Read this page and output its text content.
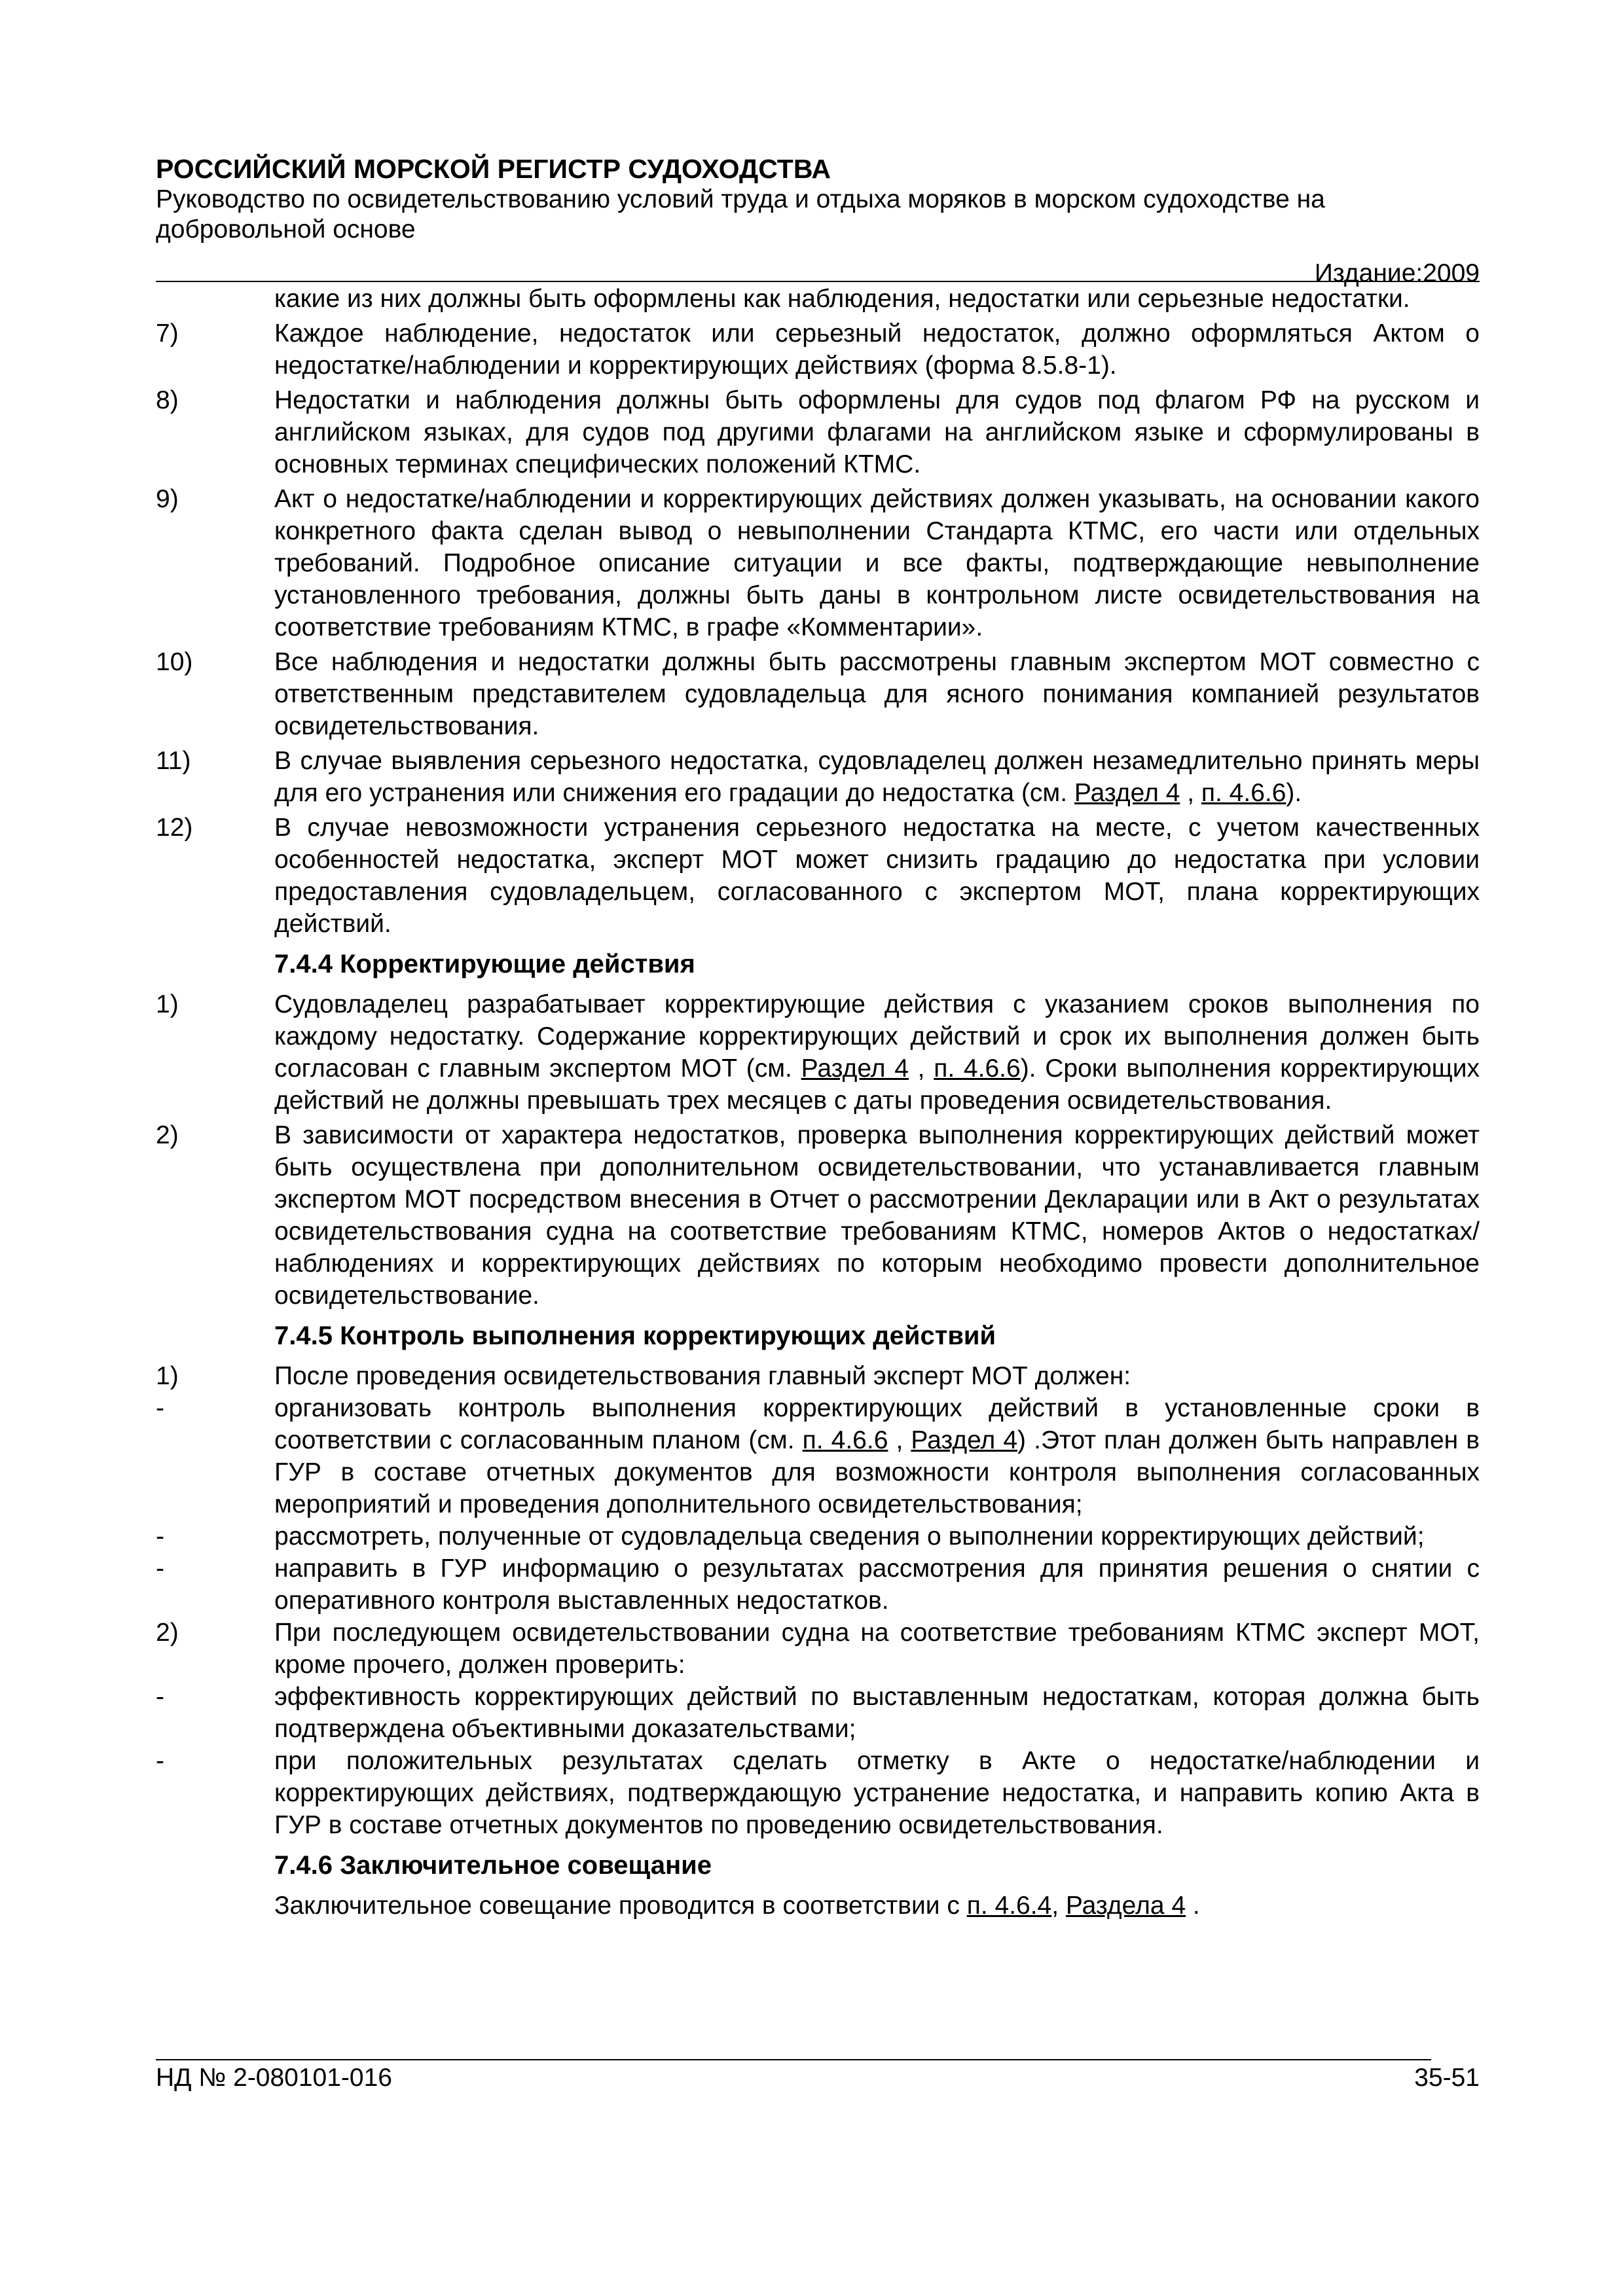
РОССИЙСКИЙ МОРСКОЙ РЕГИСТР СУДОХОДСТВА

Руководство по освидетельствованию условий труда и отдыха моряков в морском судоходстве на добровольной основе

Издание:2009
какие из них должны быть оформлены как наблюдения, недостатки или серьезные недостатки.
7)	Каждое наблюдение, недостаток или серьезный недостаток, должно оформляться Актом о недостатке/наблюдении и корректирующих действиях (форма 8.5.8-1).
8)	Недостатки и наблюдения должны быть оформлены для судов под флагом РФ на русском и английском языках, для судов под другими флагами на английском языке и сформулированы в основных терминах специфических положений КТМС.
9)	Акт о недостатке/наблюдении и корректирующих действиях должен указывать, на основании какого конкретного факта сделан вывод о невыполнении Стандарта КТМС, его части или отдельных требований. Подробное описание ситуации и все факты, подтверждающие невыполнение установленного требования, должны быть даны в контрольном листе освидетельствования на соответствие требованиям КТМС, в графе «Комментарии».
10)	Все наблюдения и недостатки должны быть рассмотрены главным экспертом МОТ совместно с ответственным представителем судовладельца для ясного понимания компанией результатов освидетельствования.
11)	В случае выявления серьезного недостатка, судовладелец должен незамедлительно принять меры для его устранения или снижения его градации до недостатка (см. Раздел 4 , п. 4.6.6).
12)	В случае невозможности устранения серьезного недостатка на месте, с учетом качественных особенностей недостатка, эксперт МОТ может снизить градацию до недостатка при условии предоставления судовладельцем, согласованного с экспертом МОТ, плана корректирующих действий.
7.4.4 Корректирующие действия
1)	Судовладелец разрабатывает корректирующие действия с указанием сроков выполнения по каждому недостатку. Содержание корректирующих действий и срок их выполнения должен быть согласован с главным экспертом МОТ (см. Раздел 4 , п. 4.6.6). Сроки выполнения корректирующих действий не должны превышать трех месяцев с даты проведения освидетельствования.
2)	В зависимости от характера недостатков, проверка выполнения корректирующих действий может быть осуществлена при дополнительном освидетельствовании, что устанавливается главным экспертом МОТ посредством внесения в Отчет о рассмотрении Декларации или в Акт о результатах освидетельствования судна на соответствие требованиям КТМС, номеров Актов о недостатках/наблюдениях и корректирующих действиях по которым необходимо провести дополнительное освидетельствование.
7.4.5 Контроль выполнения корректирующих действий
1)	После проведения освидетельствования главный эксперт МОТ должен:
-	организовать контроль выполнения корректирующих действий в установленные сроки в соответствии с согласованным планом (см. п. 4.6.6 , Раздел 4) .Этот план должен быть направлен в ГУР в составе отчетных документов для возможности контроля выполнения согласованных мероприятий и проведения дополнительного освидетельствования;
-	рассмотреть, полученные от судовладельца сведения о выполнении корректирующих действий;
-	направить в ГУР информацию о результатах рассмотрения для принятия решения о снятии с оперативного контроля выставленных недостатков.
2)	При последующем освидетельствовании судна на соответствие требованиям КТМС эксперт МОТ, кроме прочего, должен проверить:
-	эффективность корректирующих действий по выставленным недостаткам, которая должна быть подтверждена объективными доказательствами;
-	при положительных результатах сделать отметку в Акте о недостатке/наблюдении и корректирующих действиях, подтверждающую устранение недостатка, и направить копию Акта в ГУР в составе отчетных документов по проведению освидетельствования.
7.4.6 Заключительное совещание
Заключительное совещание проводится в соответствии с п. 4.6.4, Раздела 4 .
НД № 2-080101-016	35-51
